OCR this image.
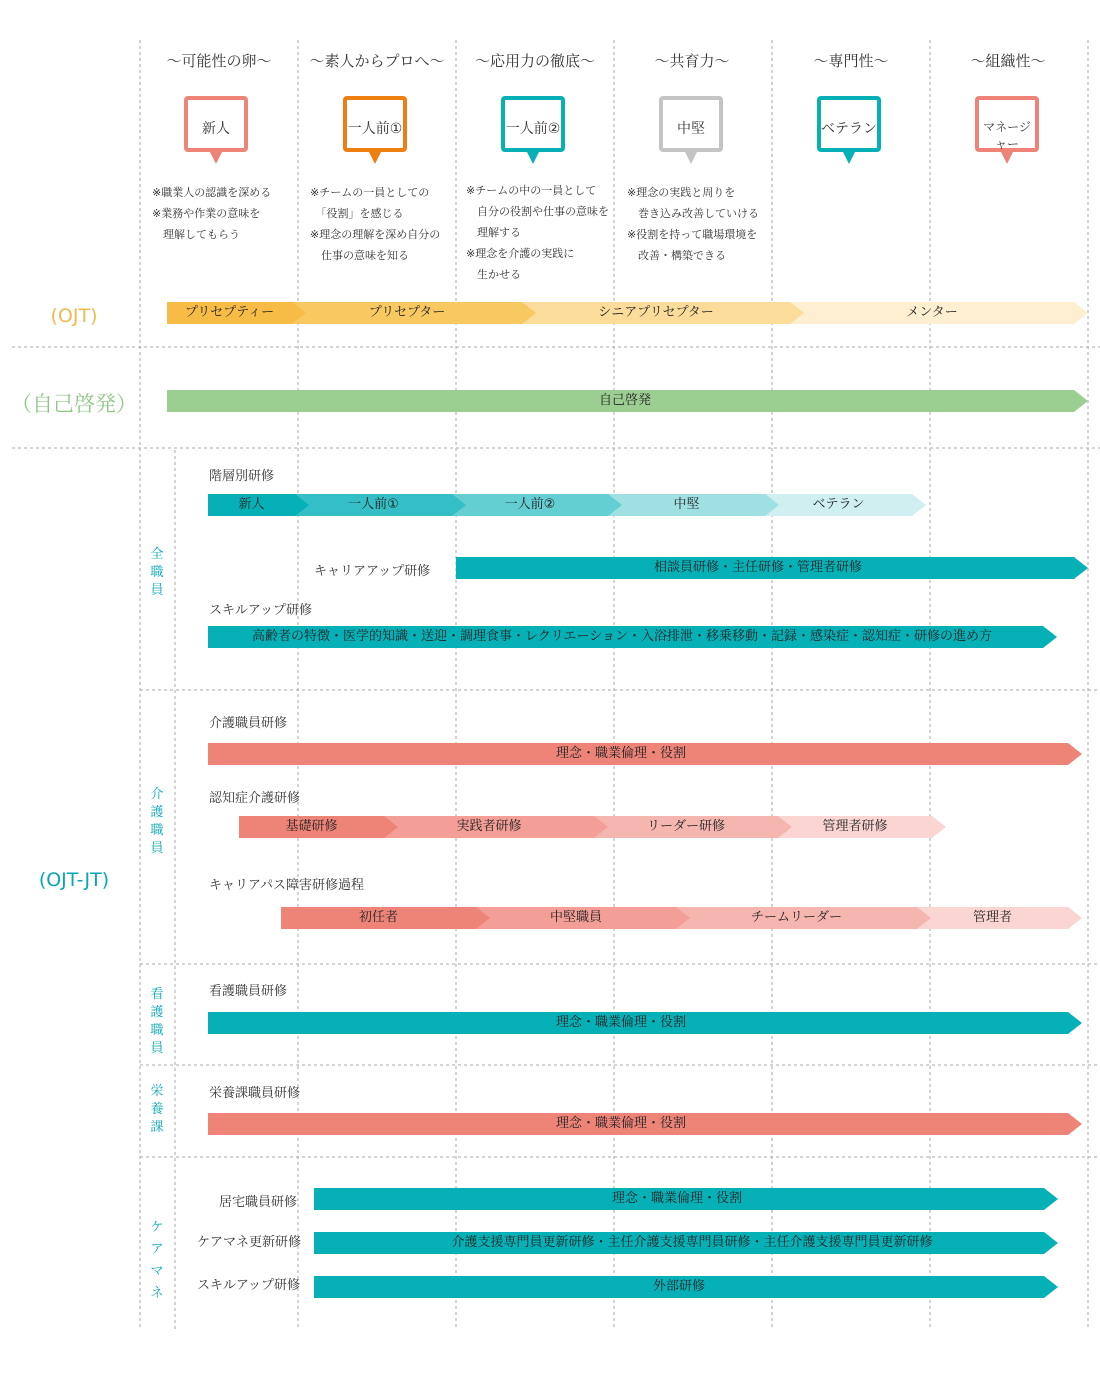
〜可能性の卵〜	〜素人からプロへ〜 〜応用力の徹底〜	〜共育力〜	〜専門性〜	〜組織性〜
新人	一人前①	一人前②	中堅	ベテラン	マネージャー
※職業人の認識を深める
※業務や作業の意味を
　理解してもらう
※チームの一員としての
　「役割」を感じる
※理念の理解を深め自分の
　仕事の意味を知る
※チームの中の一員として
　自分の役割や仕事の意味を
　理解する
※理念を介護の実践に
　生かせる
※理念の実践と周りを
　巻き込み改善していける
※役割を持って職場環境を
　改善・構築できる
(OJT)
（自己啓発）
(OJT-JT)
全
職
員
介
護
職
員
看
護
職
員
栄
養
課
ケ
ア
マ
ネ
階層別研修
キャリアアップ研修
スキルアップ研修
介護職員研修
認知症介護研修
キャリアパス障害研修過程
看護職員研修
栄養課職員研修
居宅職員研修
ケアマネ更新研修
スキルアップ研修
プリセプティー	プリセプター	シニアプリセプター	メンター
自己啓発
新人	一人前①	一人前②	中堅	ベテラン
相談員研修・主任研修・管理者研修
高齢者の特徴・医学的知識・送迎・調理食事・レクリエーション・入浴排泄・移乗移動・記録・感染症・認知症・研修の進め方
理念・職業倫理・役割
基礎研修	実践者研修	リーダー研修	管理者研修
初任者	中堅職員	チームリーダー	管理者
理念・職業倫理・役割
理念・職業倫理・役割
理念・職業倫理・役割
介護支援専門員更新研修・主任介護支援専門員研修・主任介護支援専門員更新研修
外部研修
